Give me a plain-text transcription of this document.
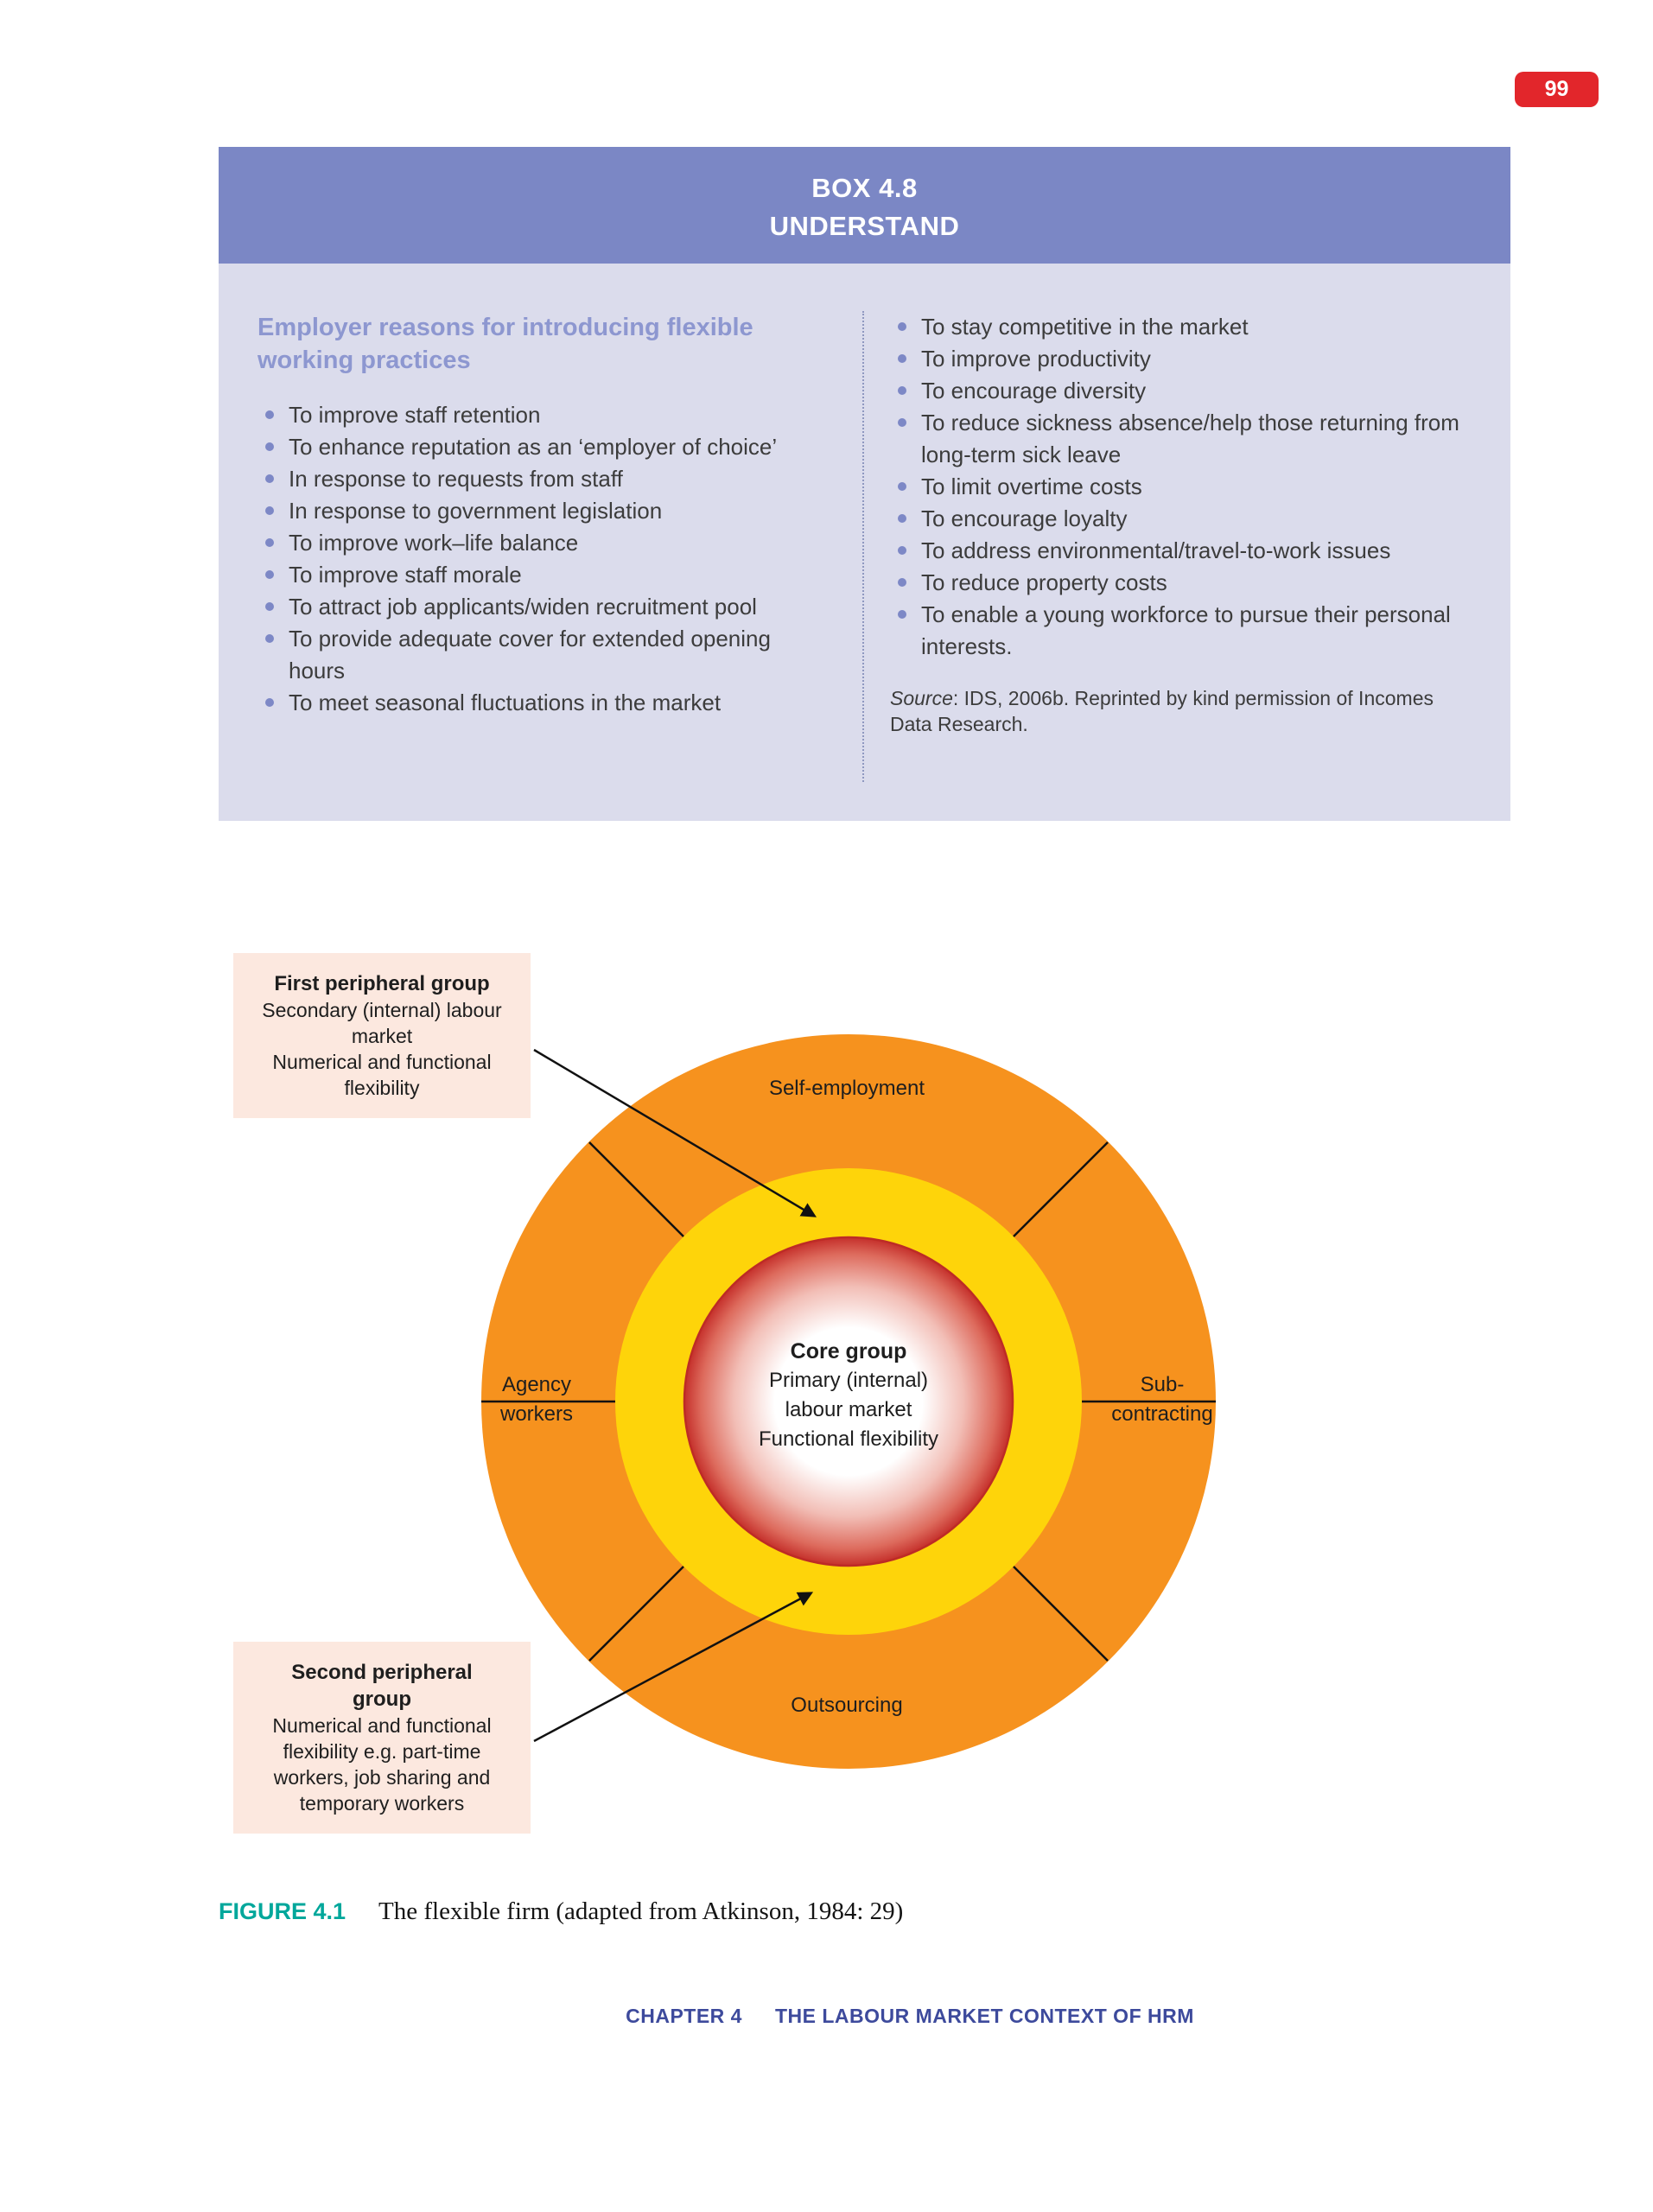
99
BOX 4.8
UNDERSTAND
Employer reasons for introducing flexible working practices
To improve staff retention
To enhance reputation as an ‘employer of choice’
In response to requests from staff
In response to government legislation
To improve work–life balance
To improve staff morale
To attract job applicants/widen recruitment pool
To provide adequate cover for extended opening hours
To meet seasonal fluctuations in the market
To stay competitive in the market
To improve productivity
To encourage diversity
To reduce sickness absence/help those returning from long-term sick leave
To limit overtime costs
To encourage loyalty
To address environmental/travel-to-work issues
To reduce property costs
To enable a young workforce to pursue their personal interests.

Source: IDS, 2006b. Reprinted by kind permission of Incomes Data Research.

Self-employment
Outsourcing
Agency
workers
Sub-
contracting
Core group
Primary (internal)
labour market
Functional flexibility
First peripheral group

Secondary (internal) labour market

Numerical and functional flexibility

Second peripheral
group

Numerical and functional flexibility e.g. part-time workers, job sharing and temporary workers

FIGURE 4.1 The flexible firm (adapted from Atkinson, 1984: 29)
CHAPTER 4 THE LABOUR MARKET CONTEXT OF HRM
